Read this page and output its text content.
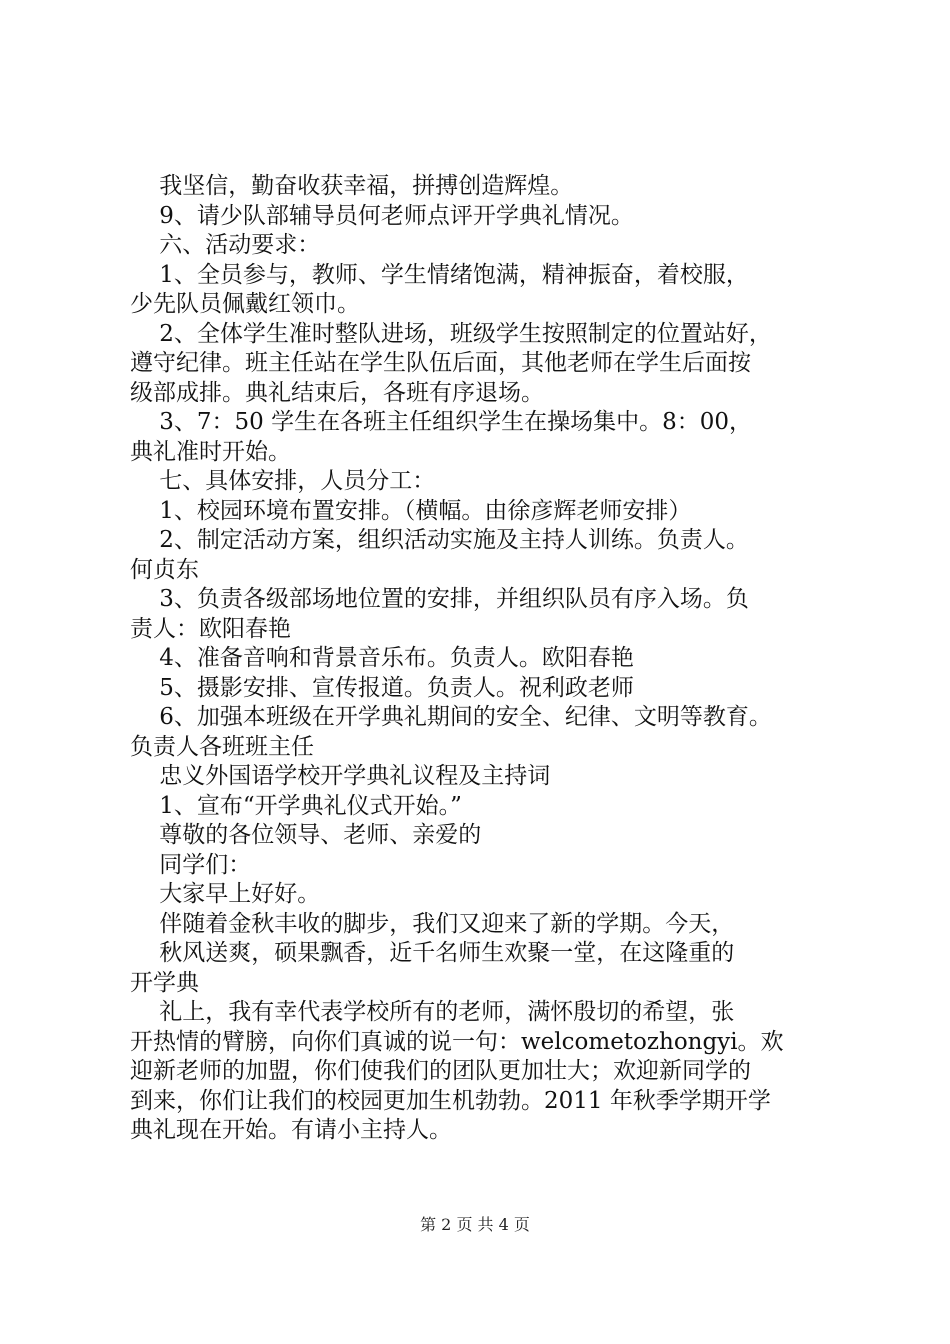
我坚信，勤奋收获幸福，拼搏创造辉煌。

9、请少队部辅导员何老师点评开学典礼情况。

六、活动要求：

1、全员参与，教师、学生情绪饱满，精神振奋，着校服，

少先队员佩戴红领巾。

2、全体学生准时整队进场，班级学生按照制定的位置站好，

遵守纪律。班主任站在学生队伍后面，其他老师在学生后面按

级部成排。典礼结束后，各班有序退场。

3、7：50 学生在各班主任组织学生在操场集中。8：00，

典礼准时开始。

七、具体安排，人员分工：

1、校园环境布置安排。（横幅。由徐彦辉老师安排）

2、制定活动方案，组织活动实施及主持人训练。负责人。

何贞东

3、负责各级部场地位置的安排，并组织队员有序入场。负

责人：欧阳春艳

4、准备音响和背景音乐布。负责人。欧阳春艳

5、摄影安排、宣传报道。负责人。祝利政老师

6、加强本班级在开学典礼期间的安全、纪律、文明等教育。

负责人各班班主任

忠义外国语学校开学典礼议程及主持词

1、宣布“开学典礼仪式开始。”

尊敬的各位领导、老师、亲爱的

同学们：

大家早上好好。

伴随着金秋丰收的脚步，我们又迎来了新的学期。今天，

秋风送爽，硕果飘香，近千名师生欢聚一堂，在这隆重的

开学典

礼上，我有幸代表学校所有的老师，满怀殷切的希望，张

开热情的臂膀，向你们真诚的说一句：welcometozhongyi。欢

迎新老师的加盟，你们使我们的团队更加壮大；欢迎新同学的

到来，你们让我们的校园更加生机勃勃。2011 年秋季学期开学

典礼现在开始。有请小主持人。

第 2 页 共 4 页
